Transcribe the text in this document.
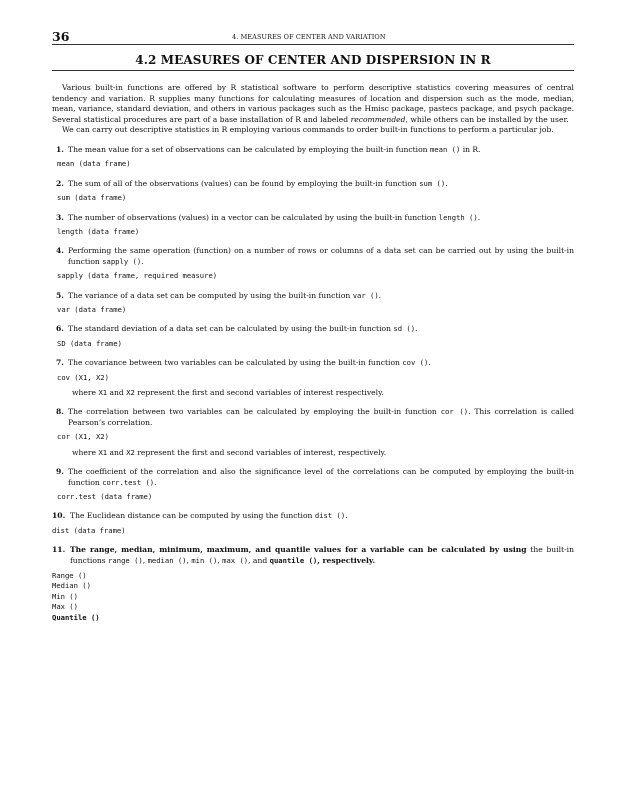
36	4. MEASURES OF CENTER AND VARIATION
4.2 MEASURES OF CENTER AND DISPERSION IN R

Various built-in functions are offered by R statistical software to perform descriptive statistics covering measures of central tendency and variation. R supplies many functions for calculating measures of location and dispersion such as the mode, median, mean, variance, standard deviation, and others in various packages such as the Hmisc package, pastecs package, and psych package. Several statistical procedures are part of a base installation of R and labeled recommended, while others can be installed by the user.

We can carry out descriptive statistics in R employing various commands to order built-in functions to perform a particular job.

1. The mean value for a set of observations can be calculated by employing the built-in function mean () in R.
mean (data frame)
2. The sum of all of the observations (values) can be found by employing the built-in function sum ().
sum (data frame)
3. The number of observations (values) in a vector can be calculated by using the built-in function length ().
length (data frame)
4. Performing the same operation (function) on a number of rows or columns of a data set can be carried out by using the built-in function sapply ().
sapply (data frame, required measure)
5. The variance of a data set can be computed by using the built-in function var ().
var (data frame)
6. The standard deviation of a data set can be calculated by using the built-in function sd ().
SD (data frame)
7. The covariance between two variables can be calculated by using the built-in function cov ().
cov (X1, X2)
where X1 and X2 represent the first and second variables of interest respectively.
8. The correlation between two variables can be calculated by employing the built-in function cor (). This correlation is called Pearson’s correlation.
cor (X1, X2)
where X1 and X2 represent the first and second variables of interest, respectively.
9. The coefficient of the correlation and also the significance level of the correlations can be computed by employing the built-in function corr.test ().
corr.test (data frame)
10. The Euclidean distance can be computed by using the function dist ().
dist (data frame)
11. The range, median, minimum, maximum, and quantile values for a variable can be calculated by using the built-in functions range (), median (), min (), max (), and quantile (), respectively.
Range ()
Median ()
Min ()
Max ()
Quantile ()
